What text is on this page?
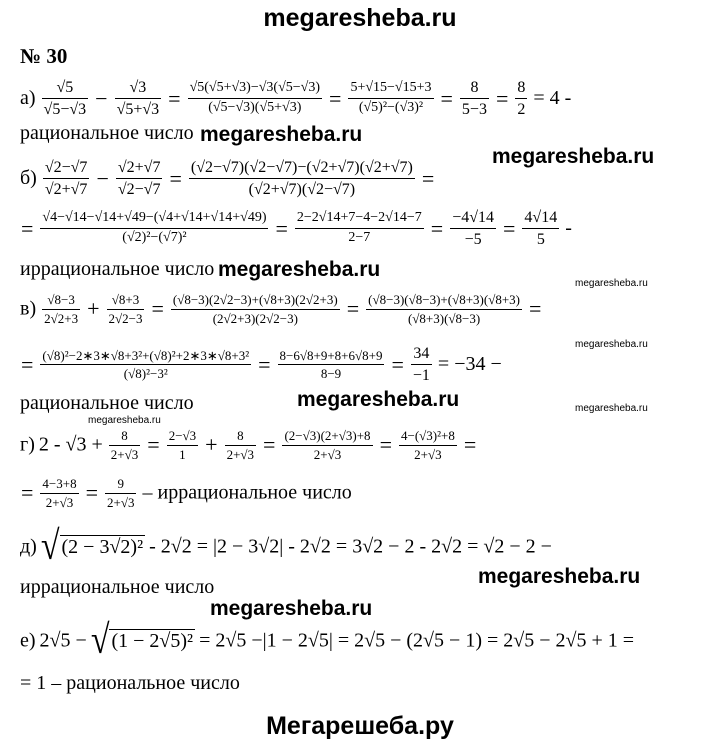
megaresheba.ru
Мегарешеба.ру
№ 30
megaresheba.ru
megaresheba.ru
megaresheba.ru
megaresheba.ru
megaresheba.ru
megaresheba.ru	megaresheba.ru
megaresheba.ru
megaresheba.ru
megaresheba.ru
$а) \frac{√5}{√5-√3} - \frac{√3}{√5+√3} = \frac{√5(√5+√3)-√3(√5-√3)}{(√5-√3)(√5+√3)} = \frac{5+√15-√15+3}{\text{(√5)²−(√3)²}} = \frac{8}{5-3} = \frac{8}{2} = 4$ -
рациональное число
$б) \frac{√2-√7}{√2+√7} - \frac{√2+√7}{√2-√7} = \frac{(√2-√7)(√2-√7)-(√2+√7)(√2+√7)}{(√2+√7)(√2-√7)}$ =
= $\frac{√4-√14-√14+√49-(√4+√14+√14+√49)}{\text{(√2)²−(√7)²}} = \frac{2-2√14+7-4-2√14-7}{2-7} = \frac{-4√14}{-5} = \frac{4√14}{5}$ -
иррациональное число
$в) \frac{√8-3}{2√2+3} + \frac{√8+3}{2√2-3} = \frac{(√8-3)(2√2-3)+(√8+3)(2√2+3)}{(2√2+3)(2√2-3)} = \frac{(√8-3)(√8-3)+(√8+3)(√8+3)}{(√8+3)(√8-3)}$ =
= $\frac{\text{(√8)²−2∗3∗√8+3²+(√8)²+2∗3∗√8+3²}}{\text{(√8)²−3²}} = \frac{8-6√8+9+8+6√8+9}{8-9} = \frac{34}{-1} = -34$ −
рациональное число
г) $2 - √3 + \frac{8}{2+√3} = \frac{2-√3}{1} + \frac{8}{2+√3} = \frac{(2-√3)(2+√3)+8}{2+√3} = \frac{\text{4−(√3)²+8}}{2+√3}$ =
= $\frac{4-3+8}{2+√3} = \frac{9}{2+√3}$ – иррациональное число
д) √ (2 − 3√2)² - 2√2 = |2 − 3√2| - 2√2 = 3√2 − 2 - 2√2 = √2 − 2 −
иррациональное число
е) 2√5 − √ (1 − 2√5)² = 2√5 −|1 − 2√5| = 2√5 − (2√5 − 1) = 2√5 − 2√5 + 1 =
= 1 – рациональное число
